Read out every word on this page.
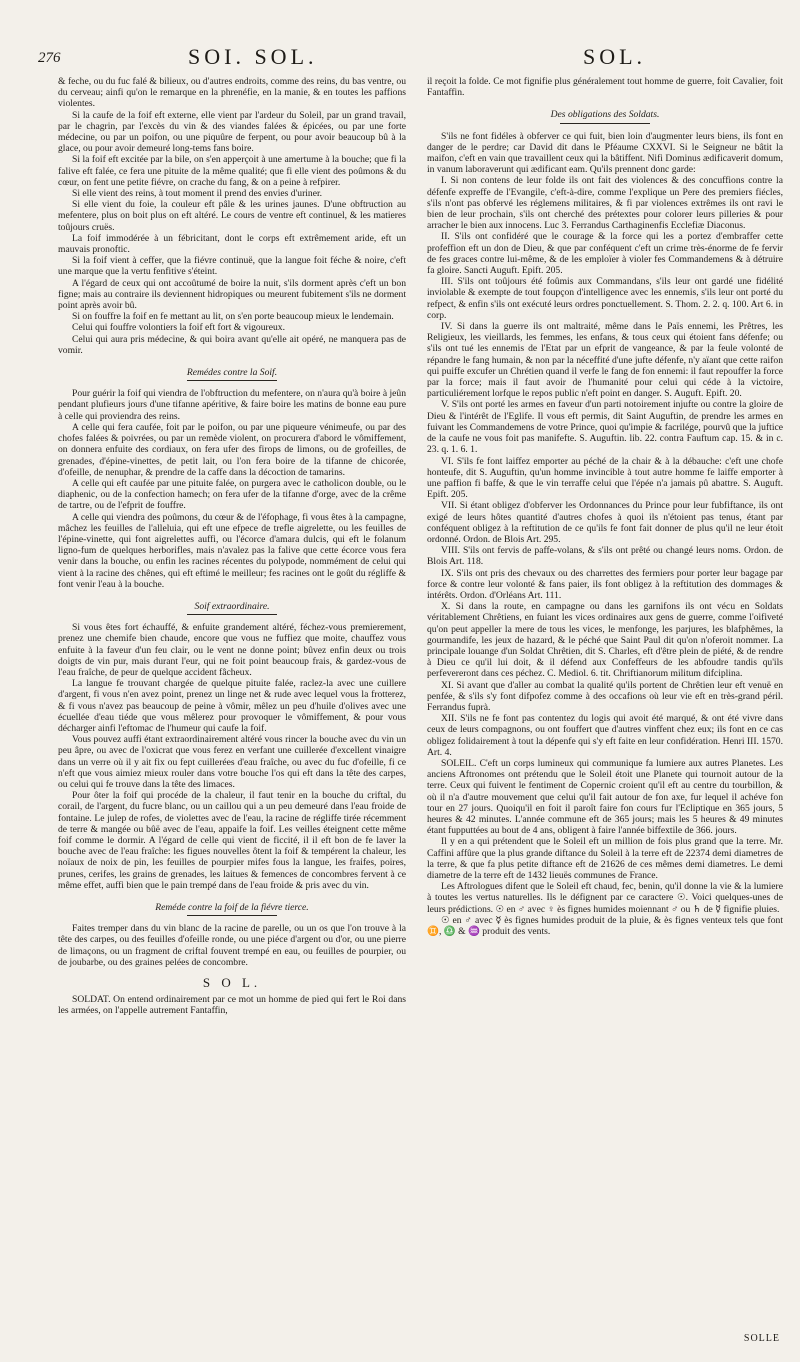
276	SOI. SOL.	SOL.

& feche, ou du fuc falé & bilieux, ou d'autres endroits, comme des reins, du bas ventre, ou du cerveau; ainfi qu'on le remarque en la phrenéfie, en la manie, & en toutes les paffions violentes.

Si la caufe de la foif eft externe, elle vient par l'ardeur du Soleil, par un grand travail, par le chagrin, par l'excès du vin & des viandes falées & épicées, ou par une forte médecine, ou par un poifon, ou une piquûre de ferpent, ou pour avoir beaucoup bû à la glace, ou pour avoir demeuré long-tems fans boire.

Si la foif eft excitée par la bile, on s'en apperçoit à une amertume à la bouche; que fi la falive eft falée, ce fera une pituite de la même qualité; que fi elle vient des poûmons & du cœur, on fent une petite fiévre, on crache du fang, & on a peine à refpirer.

Si elle vient des reins, à tout moment il prend des envies d'uriner.

Si elle vient du foie, la couleur eft pâle & les urines jaunes. D'une obftruction au mefentere, plus on boit plus on eft altéré. Le cours de ventre eft continuel, & les matieres toûjours cruës.

La foif immodérée à un fébricitant, dont le corps eft extrêmement aride, eft un mauvais pronoftic.

Si la foif vient à ceffer, que la fiévre continuë, que la langue foit féche & noire, c'eft une marque que la vertu fenfitive s'éteint.

A l'égard de ceux qui ont accoûtumé de boire la nuit, s'ils dorment après c'eft un bon figne; mais au contraire ils deviennent hidropiques ou meurent fubitement s'ils ne dorment point après avoir bû.

Si on fouffre la foif en fe mettant au lit, on s'en porte beaucoup mieux le lendemain.

Celui qui fouffre volontiers la foif eft fort & vigoureux.

Celui qui aura pris médecine, & qui boira avant qu'elle ait opéré, ne manquera pas de vomir.

Remédes contre la Soif.

Pour guérir la foif qui viendra de l'obftruction du mefentere, on n'aura qu'à boire à jeûn pendant plufieurs jours d'une tifanne apéritive, & faire boire les matins de bonne eau pure à celle qui proviendra des reins.

A celle qui fera caufée, foit par le poifon, ou par une piqueure vénimeufe, ou par des chofes falées & poivrées, ou par un remède violent, on procurera d'abord le vômiffement, on donnera enfuite des cordiaux, on fera ufer des firops de limons, ou de grofeilles, de grenades, d'épine-vinettes, de petit lait, ou l'on fera boire de la tifanne de chicorée, d'ofeille, de nenuphar, & prendre de la caffe dans la décoction de tamarins.

A celle qui eft caufée par une pituite falée, on purgera avec le catholicon double, ou le diaphenic, ou de la confection hamech; on fera ufer de la tifanne d'orge, avec de la crême de tartre, ou de l'efprit de fouffre.

A celle qui viendra des poûmons, du cœur & de l'éfophage, fi vous êtes à la campagne, mâchez les feuilles de l'alleluia, qui eft une efpece de trefle aigrelette, ou les feuilles de l'épine-vinette, qui font aigrelettes auffi, ou l'écorce d'amara dulcis, qui eft le folanum ligno-fum de quelques herborifles, mais n'avalez pas la falive que cette écorce vous fera venir dans la bouche, ou enfin les racines récentes du polypode, nommément de celui qui vient à la racine des chênes, qui eft eftimé le meilleur; fes racines ont le goût du régliffe & font venir l'eau à la bouche.

Soif extraordinaire.

Si vous êtes fort échauffé, & enfuite grandement altéré, féchez-vous premierement, prenez une chemife bien chaude, encore que vous ne fuffiez que moite, chauffez vous enfuite à la faveur d'un feu clair, ou le vent ne donne point; bûvez enfin deux ou trois doigts de vin pur, mais durant l'eur, qui ne foit point beaucoup frais, & gardez-vous de l'eau fraîche, de peur de quelque accident fâcheux.

La langue fe trouvant chargée de quelque pituite falée, raclez-la avec une cuillere d'argent, fi vous n'en avez point, prenez un linge net & rude avec lequel vous la frotterez, & fi vous n'avez pas beaucoup de peine à vômir, mêlez un peu d'huile d'olives avec une écuellée d'eau tiéde que vous mêlerez pour provoquer le vômiffement, & pour vous décharger ainfi l'eftomac de l'humeur qui caufe la foif.

Vous pouvez auffi étant extraordinairement altéré vous rincer la bouche avec du vin un peu âpre, ou avec de l'oxicrat que vous ferez en verfant une cuillerée d'excellent vinaigre dans un verre où il y ait fix ou fept cuillerées d'eau fraîche, ou avec du fuc d'ofeille, fi ce n'eft que vous aimiez mieux rouler dans votre bouche l'os qui eft dans la tête des carpes, ou celui qui fe trouve dans la tête des limaces.

Pour ôter la foif qui procéde de la chaleur, il faut tenir en la bouche du criftal, du corail, de l'argent, du fucre blanc, ou un caillou qui a un peu demeuré dans l'eau froide de fontaine. Le julep de rofes, de violettes avec de l'eau, la racine de régliffe tirée récemment de terre & mangée ou bûë avec de l'eau, appaife la foif. Les veilles éteignent cette même foif comme le dormir. A l'égard de celle qui vient de ficcité, il il eft bon de fe laver la bouche avec de l'eau fraîche: les figues nouvelles ôtent la foif & tempérent la chaleur, les noïaux de noix de pin, les feuilles de pourpier mifes fous la langue, les fraifes, poires, prunes, cerifes, les grains de grenades, les laitues & femences de concombres fervent à ce même effet, auffi bien que le pain trempé dans de l'eau froide & pris avec du vin.

Reméde contre la foif de la fiévre tierce.

Faites tremper dans du vin blanc de la racine de parelle, ou un os que l'on trouve à la tête des carpes, ou des feuilles d'ofeille ronde, ou une piéce d'argent ou d'or, ou une pierre de limaçons, ou un fragment de criftal fouvent trempé en eau, ou feuilles de pourpier, ou de joubarbe, ou des graines pelées de concombre.

S O L.

SOLDAT. On entend ordinairement par ce mot un homme de pied qui fert le Roi dans les armées, on l'appelle autrement Fantaffin,

il reçoit la folde. Ce mot fignifie plus généralement tout homme de guerre, foit Cavalier, foit Fantaffin.

Des obligations des Soldats.

S'ils ne font fidéles à obferver ce qui fuit, bien loin d'augmenter leurs biens, ils font en danger de le perdre; car David dit dans le Pféaume CXXVI. Si le Seigneur ne bâtit la maifon, c'eft en vain que travaillent ceux qui la bâtiffent. Nifi Dominus ædificaverit domum, in vanum laboraverunt qui ædificant eam. Qu'ils prennent donc garde:

I. Si non contens de leur folde ils ont fait des violences & des concuffions contre la défenfe expreffe de l'Evangile, c'eft-à-dire, comme l'explique un Pere des premiers fiécles, s'ils n'ont pas obfervé les réglemens militaires, & fi par violences extrêmes ils ont ravi le bien de leur prochain, s'ils ont cherché des prétextes pour colorer leurs pilleries & pour arracher le bien aux innocens. Luc 3. Ferrandus Carthaginenfis Ecclefiæ Diaconus.

II. S'ils ont confidéré que le courage & la force qui les a portez d'embraffer cette profeffion eft un don de Dieu, & que par conféquent c'eft un crime très-énorme de fe fervir de fes graces contre lui-même, & de les emploïer à violer fes Commandemens & à détruire fa gloire. Sancti Auguft. Epift. 205.

III. S'ils ont toûjours été foûmis aux Commandans, s'ils leur ont gardé une fidélité inviolable & exempte de tout foupçon d'intelligence avec les ennemis, s'ils leur ont porté du refpect, & enfin s'ils ont exécuté leurs ordres ponctuellement. S. Thom. 2. 2. q. 100. Art 6. in corp.

IV. Si dans la guerre ils ont maltraité, même dans le Païs ennemi, les Prêtres, les Religieux, les vieillards, les femmes, les enfans, & tous ceux qui étoient fans défenfe; ou s'ils ont tué les ennemis de l'Etat par un efprit de vangeance, & par la feule volonté de répandre le fang humain, & non par la néceffité d'une jufte défenfe, n'y aïant que cette raifon qui puiffe excufer un Chrétien quand il verfe le fang de fon ennemi: il faut repouffer la force par la force; mais il faut avoir de l'humanité pour celui qui céde à la victoire, particuliérement lorfque le repos public n'eft point en danger. S. Auguft. Epift. 20.

V. S'ils ont porté les armes en faveur d'un parti notoirement injufte ou contre la gloire de Dieu & l'intérêt de l'Eglife. Il vous eft permis, dit Saint Auguftin, de prendre les armes en fuivant les Commandemens de votre Prince, quoi qu'impie & facrilége, pourvû que la juftice de la caufe ne vous foit pas manifefte. S. Auguftin. lib. 22. contra Fauftum cap. 15. & in c. 23. q. 1. 6. 1.

VI. S'ils fe font laiffez emporter au péché de la chair & à la débauche: c'eft une chofe honteufe, dit S. Auguftin, qu'un homme invincible à tout autre homme fe laiffe emporter à une paffion fi baffe, & que le vin terraffe celui que l'épée n'a jamais pû abattre. S. Auguft. Epift. 205.

VII. Si étant obligez d'obferver les Ordonnances du Prince pour leur fubfiftance, ils ont exigé de leurs hôtes quantité d'autres chofes à quoi ils n'étoient pas tenus, étant par conféquent obligez à la reftitution de ce qu'ils fe font fait donner de plus qu'il ne leur étoit ordonné. Ordon. de Blois Art. 295.

VIII. S'ils ont fervis de paffe-volans, & s'ils ont prêté ou changé leurs noms. Ordon. de Blois Art. 118.

IX. S'ils ont pris des chevaux ou des charrettes des fermiers pour porter leur bagage par force & contre leur volonté & fans paier, ils font obligez à la reftitution des dommages & intérêts. Ordon. d'Orléans Art. 111.

X. Si dans la route, en campagne ou dans les garnifons ils ont vécu en Soldats véritablement Chrêtiens, en fuiant les vices ordinaires aux gens de guerre, comme l'oifiveté qu'on peut appeller la mere de tous les vices, le menfonge, les parjures, les blafphêmes, la gourmandife, les jeux de hazard, & le péché que Saint Paul dit qu'on n'oferoit nommer. La principale louange d'un Soldat Chrêtien, dit S. Charles, eft d'être plein de piété, & de rendre à Dieu ce qu'il lui doit, & il défend aux Confeffeurs de les abfoudre tandis qu'ils perfevereront dans ces péchez. C. Mediol. 6. tit. Chriftianorum militum difciplina.

XI. Si avant que d'aller au combat la qualité qu'ils portent de Chrêtien leur eft venuë en penfée, & s'ils s'y font difpofez comme à des occafions où leur vie eft en très-grand péril. Ferrandus fuprà.

XII. S'ils ne fe font pas contentez du logis qui avoit été marqué, & ont été vivre dans ceux de leurs compagnons, ou ont fouffert que d'autres vinffent chez eux; ils font en ce cas obligez folidairement à tout la dépenfe qui s'y eft faite en leur confidération. Henri III. 1570. Art. 4.

SOLEIL. C'eft un corps lumineux qui communique fa lumiere aux autres Planetes. Les anciens Aftronomes ont prétendu que le Soleil étoit une Planete qui tournoit autour de la terre. Ceux qui fuivent le fentiment de Copernic croient qu'il eft au centre du tourbillon, & où il n'a d'autre mouvement que celui qu'il fait autour de fon axe, fur lequel il achéve fon tour en 27 jours. Quoiqu'il en foit il paroît faire fon cours fur l'Ecliptique en 365 jours, 5 heures & 42 minutes. L'année commune eft de 365 jours; mais les 5 heures & 49 minutes étant fupputtées au bout de 4 ans, obligent à faire l'année biffextile de 366. jours.

Il y en a qui prétendent que le Soleil eft un million de fois plus grand que la terre. Mr. Caffini affûre que la plus grande diftance du Soleil à la terre eft de 22374 demi diametres de la terre, & que fa plus petite diftance eft de 21626 de ces mêmes demi diametres. Le demi diametre de la terre eft de 1432 lieuës communes de France.

Les Aftrologues difent que le Soleil eft chaud, fec, benin, qu'il donne la vie & la lumiere à toutes les vertus naturelles. Ils le défignent par ce caractere ☉. Voici quelques-unes de leurs prédictions. ☉ en ♂ avec ♀ ès fignes humides moiennant ♂ ou ♄ de ☿ fignifie pluies.

☉ en ♂ avec ☿ ès fignes humides produit de la pluie, & ès fignes venteux tels que font ♊, ♎ & ♒ produit des vents.

SOLLE
